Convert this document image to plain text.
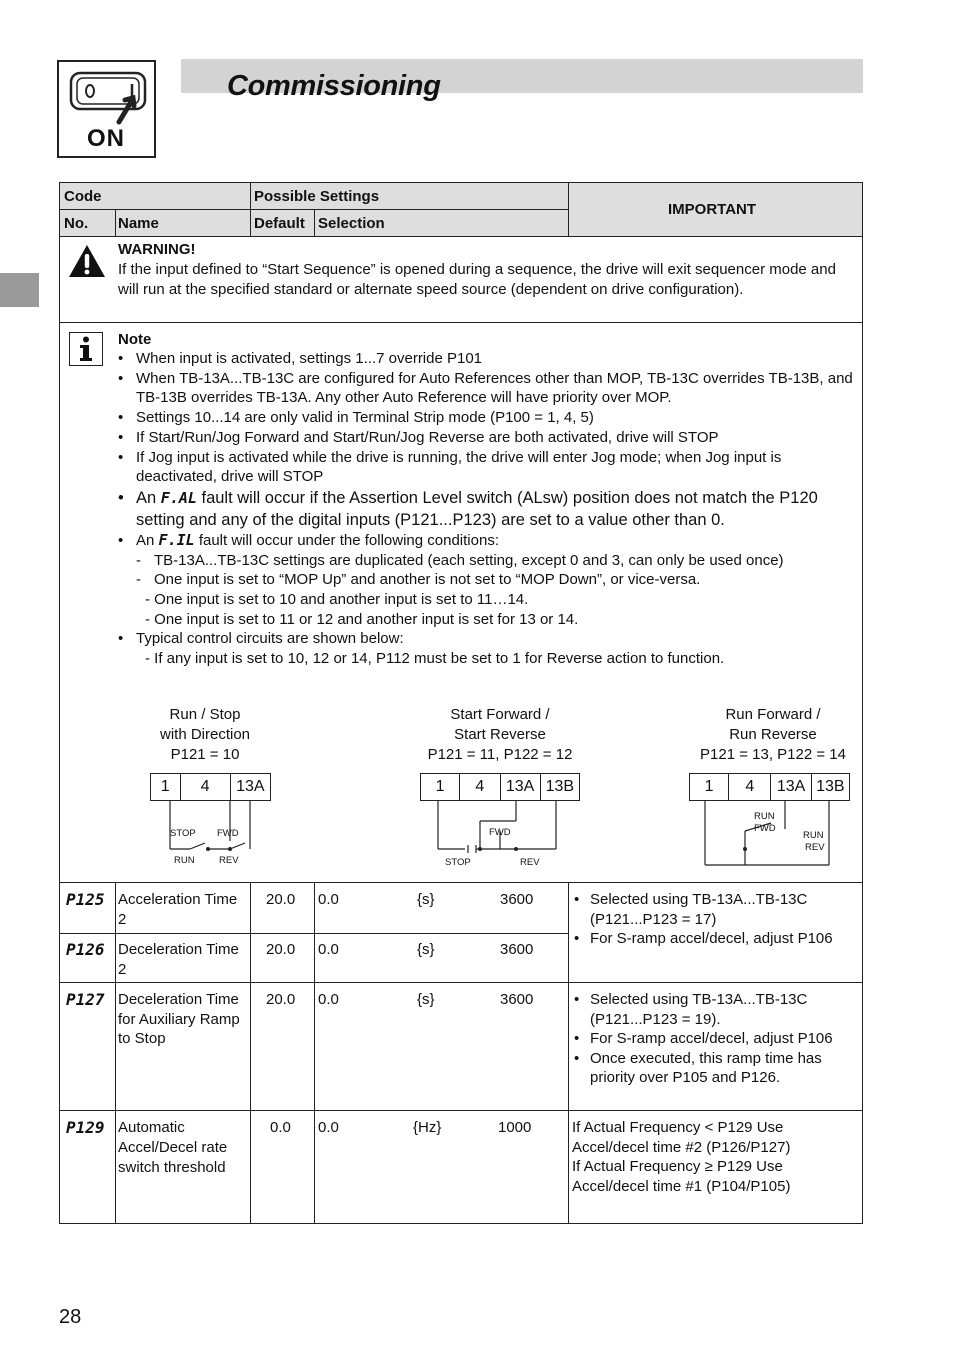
ON
Commissioning
Code	Possible Settings
IMPORTANT
No. Name	Default Selection
WARNING!
If the input defined to “Start Sequence” is opened during a sequence, the drive will exit sequencer mode and will run at the specified standard or alternate speed source (dependent on drive configuration).
Note
• When input is activated, settings 1...7 override P101
• When TB-13A...TB-13C are configured for Auto References other than MOP, TB-13C overrides TB-13B, and TB-13B overrides TB-13A. Any other Auto Reference will have priority over MOP.
• Settings 10...14 are only valid in Terminal Strip mode (P100 = 1, 4, 5)
• If Start/Run/Jog Forward and Start/Run/Jog Reverse are both activated, drive will STOP
• If Jog input is activated while the drive is running, the drive will enter Jog mode; when Jog input is deactivated, drive will STOP
• An F.AL fault will occur if the Assertion Level switch (ALsw) position does not match the P120 setting and any of the digital inputs (P121...P123) are set to a value other than 0.
• An F.IL fault will occur under the following conditions:
- TB-13A...TB-13C settings are duplicated (each setting, except 0 and 3, can only be used once)
- One input is set to “MOP Up” and another is not set to “MOP Down”, or vice-versa.
- One input is set to 10 and another input is set to 11…14.
- One input is set to 11 or 12 and another input is set for 13 or 14.
• Typical control circuits are shown below:
- If any input is set to 10, 12 or 14, P112 must be set to 1 for Reverse action to function.
Run / Stop
with Direction
P121 = 10
1	4	13A
STOP FWD
RUN	REV
Start Forward /
Start Reverse
P121 = 11, P122 = 12
1	4	13A 13B
FWD
STOP	REV
Run Forward /
Run Reverse
P121 = 13, P122 = 14
1	4	13A 13B
RUN
FWD
RUN
REV
P125 Acceleration Time 2
20.0 0.0	{s}	3600
P126 Deceleration Time 2
20.0 0.0	{s}	3600
• Selected using TB-13A...TB-13C (P121...P123 = 17)
• For S-ramp accel/decel, adjust P106
P127 Deceleration Time for Auxiliary Ramp to Stop
20.0 0.0	{s}	3600
•	Selected using TB-13A...TB-13C (P121...P123 = 19).
• For S-ramp accel/decel, adjust P106
• Once executed, this ramp time has priority over P105 and P126.
P129 Automatic Accel/Decel rate switch threshold
0.0 0.0	{Hz}	1000	If Actual Frequency < P129 Use
Accel/decel time #2 (P126/P127)
If Actual Frequency ≥ P129 Use
Accel/decel time #1 (P104/P105)
28
